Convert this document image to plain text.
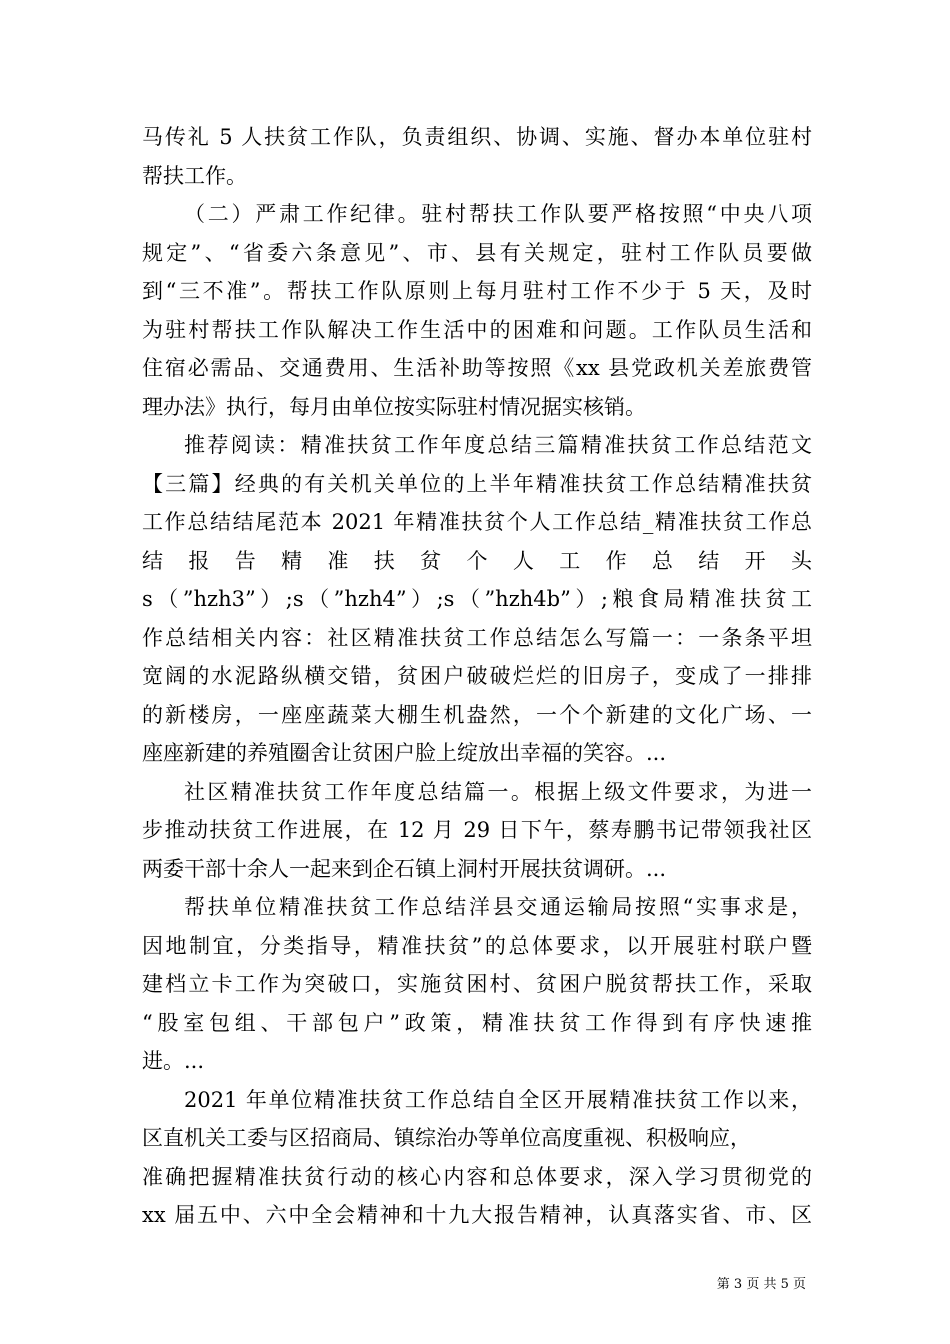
马传礼 5 人扶贫工作队，负责组织、协调、实施、督办本单位驻村
帮扶工作。
（二）严肃工作纪律。驻村帮扶工作队要严格按照“中央八项
规定”、“省委六条意见”、市、县有关规定，驻村工作队员要做
到“三不准”。帮扶工作队原则上每月驻村工作不少于 5 天，及时
为驻村帮扶工作队解决工作生活中的困难和问题。工作队员生活和
住宿必需品、交通费用、生活补助等按照《xx 县党政机关差旅费管
理办法》执行，每月由单位按实际驻村情况据实核销。
推荐阅读：精准扶贫工作年度总结三篇精准扶贫工作总结范文
【三篇】经典的有关机关单位的上半年精准扶贫工作总结精准扶贫
工作总结结尾范本 2021 年精准扶贫个人工作总结_精准扶贫工作总
结 报 告 精 准 扶 贫 个 人 工 作 总 结 开 头
s（”hzh3”）;s（”hzh4”）;s（”hzh4b”）;粮食局精准扶贫工
作总结相关内容：社区精准扶贫工作总结怎么写篇一：一条条平坦
宽阔的水泥路纵横交错，贫困户破破烂烂的旧房子，变成了一排排
的新楼房，一座座蔬菜大棚生机盎然，一个个新建的文化广场、一
座座新建的养殖圈舍让贫困户脸上绽放出幸福的笑容。...
社区精准扶贫工作年度总结篇一。根据上级文件要求，为进一
步推动扶贫工作进展，在 12 月 29 日下午，蔡寿鹏书记带领我社区
两委干部十余人一起来到企石镇上洞村开展扶贫调研。...
帮扶单位精准扶贫工作总结洋县交通运输局按照“实事求是，
因地制宜，分类指导，精准扶贫”的总体要求，以开展驻村联户暨
建档立卡工作为突破口，实施贫困村、贫困户脱贫帮扶工作，采取
“股室包组、干部包户”政策，精准扶贫工作得到有序快速推
进。...
2021 年单位精准扶贫工作总结自全区开展精准扶贫工作以来，
区直机关工委与区招商局、镇综治办等单位高度重视、积极响应，
准确把握精准扶贫行动的核心内容和总体要求，深入学习贯彻党的
xx 届五中、六中全会精神和十九大报告精神，认真落实省、市、区
第 3 页 共 5 页
